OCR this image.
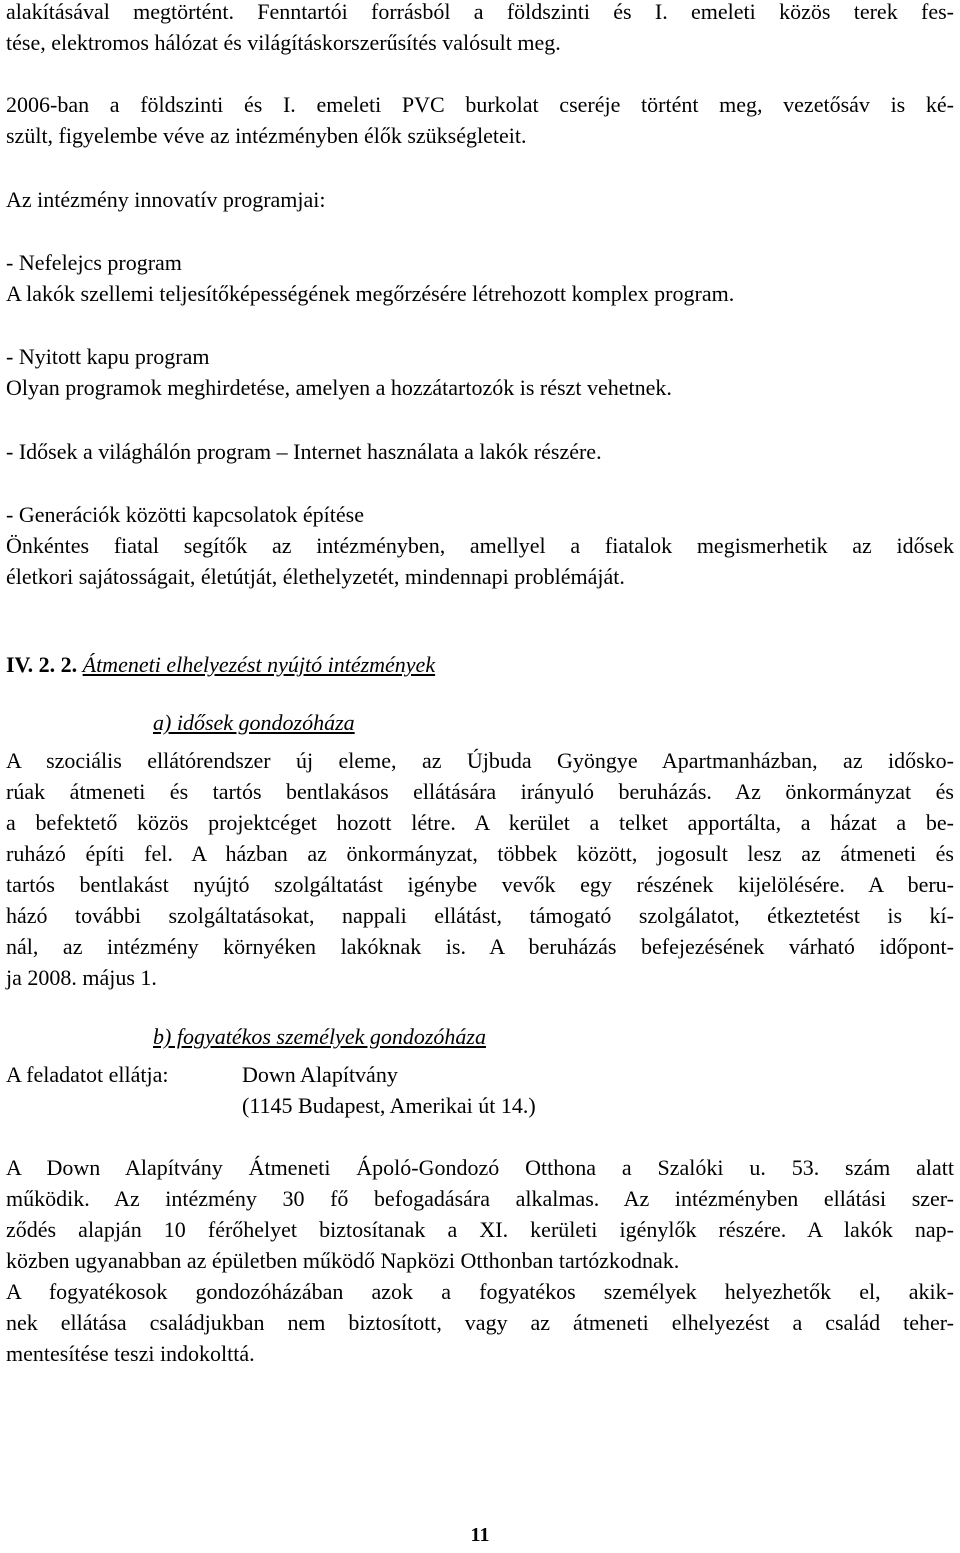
alakításával megtörtént. Fenntartói forrásból a földszinti és I. emeleti közös terek fes-
tése, elektromos hálózat és világításkorszerűsítés valósult meg.
2006-ban a földszinti és I. emeleti PVC burkolat cseréje történt meg, vezetősáv is ké-
szült, figyelembe véve az intézményben élők szükségleteit.
Az intézmény innovatív programjai:
- Nefelejcs program
A lakók szellemi teljesítőképességének megőrzésére létrehozott komplex program.
- Nyitott kapu program
Olyan programok meghirdetése, amelyen a hozzátartozók is részt vehetnek.
- Idősek a világhálón program – Internet használata a lakók részére.
- Generációk közötti kapcsolatok építése
Önkéntes fiatal segítők az intézményben, amellyel a fiatalok megismerhetik az idősek
életkori sajátosságait, életútját, élethelyzetét, mindennapi problémáját.
IV. 2. 2. Átmeneti elhelyezést nyújtó intézmények
a) idősek gondozóháza
A szociális ellátórendszer új eleme, az Újbuda Gyöngye Apartmanházban, az idősko-
rúak átmeneti és tartós bentlakásos ellátására irányuló beruházás. Az önkormányzat és
a befektető közös projektcéget hozott létre. A kerület a telket apportálta, a házat a be-
ruházó építi fel. A házban az önkormányzat, többek között, jogosult lesz az átmeneti és
tartós bentlakást nyújtó szolgáltatást igénybe vevők egy részének kijelölésére. A beru-
házó további szolgáltatásokat, nappali ellátást, támogató szolgálatot, étkeztetést is kí-
nál, az intézmény környéken lakóknak is. A beruházás befejezésének várható időpont-
ja 2008. május 1.
b) fogyatékos személyek gondozóháza
A feladatot ellátja:	Down Alapítvány
(1145 Budapest, Amerikai út 14.)
A Down Alapítvány Átmeneti Ápoló-Gondozó Otthona a Szalóki u. 53. szám alatt
működik. Az intézmény 30 fő befogadására alkalmas. Az intézményben ellátási szer-
ződés alapján 10 férőhelyet biztosítanak a XI. kerületi igénylők részére. A lakók nap-
közben ugyanabban az épületben működő Napközi Otthonban tartózkodnak.
A fogyatékosok gondozóházában azok a fogyatékos személyek helyezhetők el, akik-
nek ellátása családjukban nem biztosított, vagy az átmeneti elhelyezést a család teher-
mentesítése teszi indokolttá.
11
